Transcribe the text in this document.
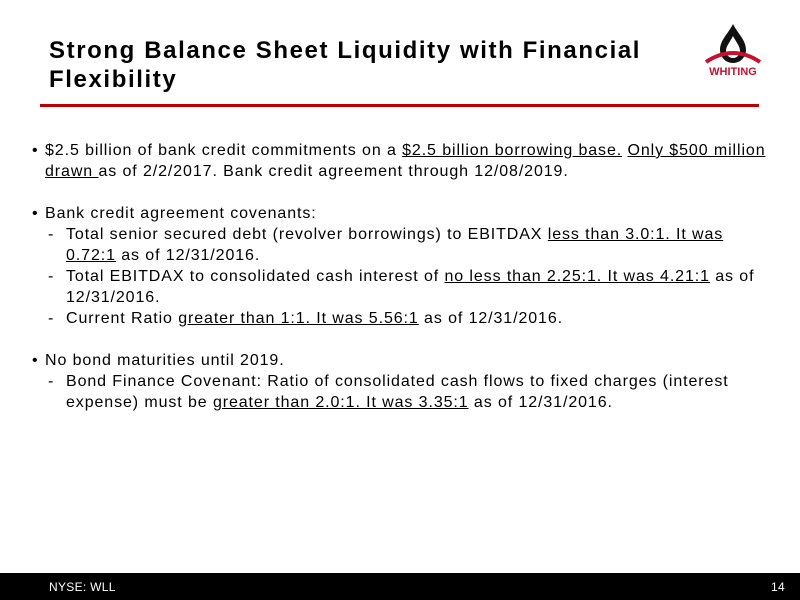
Strong Balance Sheet Liquidity with Financial Flexibility	WHITING
• $2.5 billion of bank credit commitments on a $2.5 billion borrowing base. Only $500 million drawn as of 2/2/2017. Bank credit agreement through 12/08/2019.
• Bank credit agreement covenants:
- Total senior secured debt (revolver borrowings) to EBITDAX less than 3.0:1. It was 0.72:1 as of 12/31/2016.
- Total EBITDAX to consolidated cash interest of no less than 2.25:1. It was 4.21:1 as of 12/31/2016.
- Current Ratio greater than 1:1. It was 5.56:1 as of 12/31/2016.
• No bond maturities until 2019.
- Bond Finance Covenant: Ratio of consolidated cash flows to fixed charges (interest expense) must be greater than 2.0:1. It was 3.35:1 as of 12/31/2016.
NYSE: WLL	14
